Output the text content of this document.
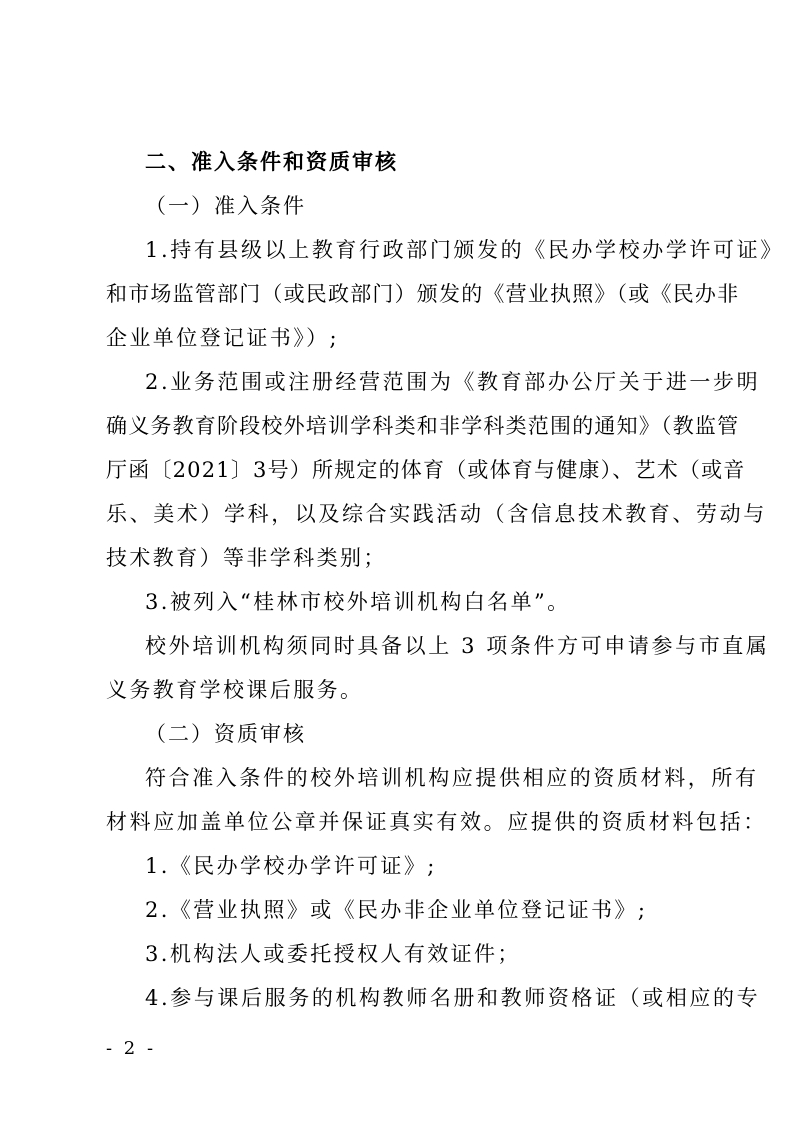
二、准入条件和资质审核
（一）准入条件
1.持有县级以上教育行政部门颁发的《民办学校办学许可证》
和市场监管部门（或民政部门）颁发的《营业执照》（或《民办非
企业单位登记证书》）;
2.业务范围或注册经营范围为《教育部办公厅关于进一步明
确义务教育阶段校外培训学科类和非学科类范围的通知》（教监管
厅函〔2021〕3号）所规定的体育（或体育与健康）、艺术（或音
乐、美术）学科，以及综合实践活动（含信息技术教育、劳动与
技术教育）等非学科类别；
3.被列入“桂林市校外培训机构白名单”。
校外培训机构须同时具备以上 3 项条件方可申请参与市直属
义务教育学校课后服务。
（二）资质审核
符合准入条件的校外培训机构应提供相应的资质材料，所有
材料应加盖单位公章并保证真实有效。应提供的资质材料包括：
1.《民办学校办学许可证》;
2.《营业执照》或《民办非企业单位登记证书》;
3.机构法人或委托授权人有效证件；
4.参与课后服务的机构教师名册和教师资格证（或相应的专
- 2 -
